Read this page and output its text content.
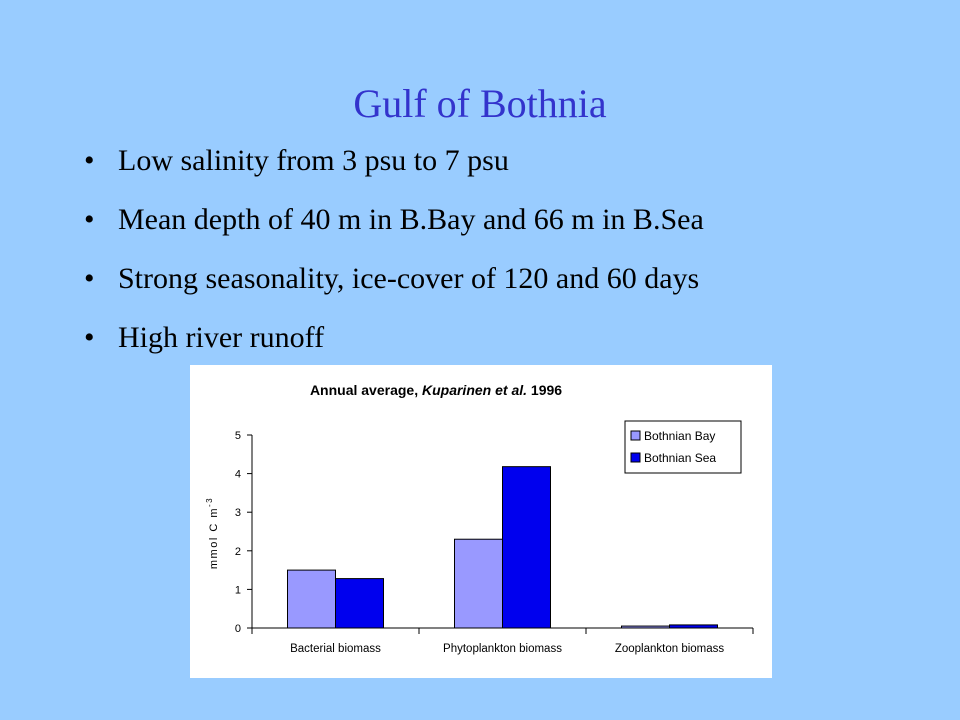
Gulf of Bothnia
• Low salinity from 3 psu to 7 psu
• Mean depth of 40 m in B.Bay and 66 m in B.Sea
• Strong seasonality, ice-cover of 120 and 60 days
• High river runoff
Annual average, Kuparinen et al. 1996
mmol C $m^{-3}$
0
1
2
3
4
5
Bacterial biomass	Phytoplankton biomass	Zooplankton biomass
Bothnian Bay
Bothnian Sea
